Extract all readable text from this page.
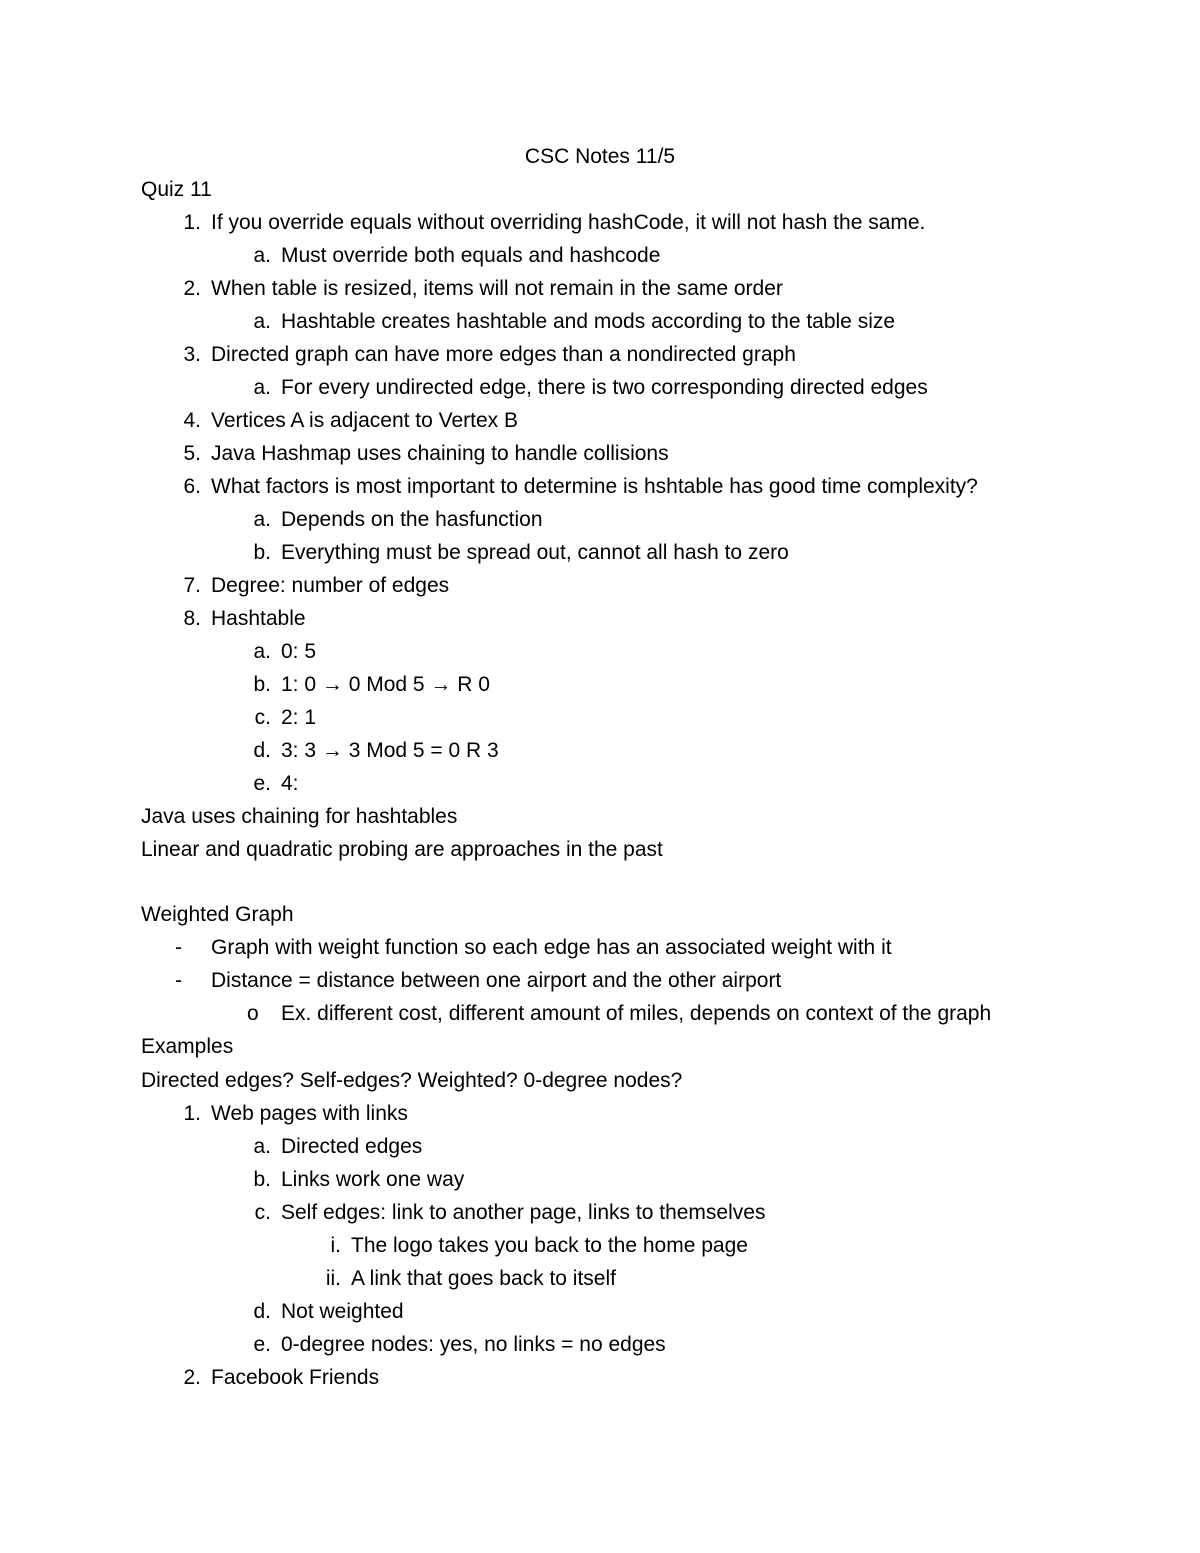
CSC Notes 11/5
Quiz 11
1. If you override equals without overriding hashCode, it will not hash the same.
a. Must override both equals and hashcode
2. When table is resized, items will not remain in the same order
a. Hashtable creates hashtable and mods according to the table size
3. Directed graph can have more edges than a nondirected graph
a. For every undirected edge, there is two corresponding directed edges
4. Vertices A is adjacent to Vertex B
5. Java Hashmap uses chaining to handle collisions
6. What factors is most important to determine is hshtable has good time complexity?
a. Depends on the hasfunction
b. Everything must be spread out, cannot all hash to zero
7. Degree: number of edges
8. Hashtable
a. 0: 5
b. 1: 0 → 0 Mod 5 → R 0
c. 2: 1
d. 3: 3 → 3 Mod 5 = 0 R 3
e. 4:
Java uses chaining for hashtables
Linear and quadratic probing are approaches in the past
Weighted Graph
-	Graph with weight function so each edge has an associated weight with it
-	Distance = distance between one airport and the other airport
o	Ex. different cost, different amount of miles, depends on context of the graph
Examples
Directed edges? Self-edges? Weighted? 0-degree nodes?
1. Web pages with links
a. Directed edges
b. Links work one way
c. Self edges: link to another page, links to themselves
i. The logo takes you back to the home page
ii. A link that goes back to itself
d. Not weighted
e. 0-degree nodes: yes, no links = no edges
2. Facebook Friends
